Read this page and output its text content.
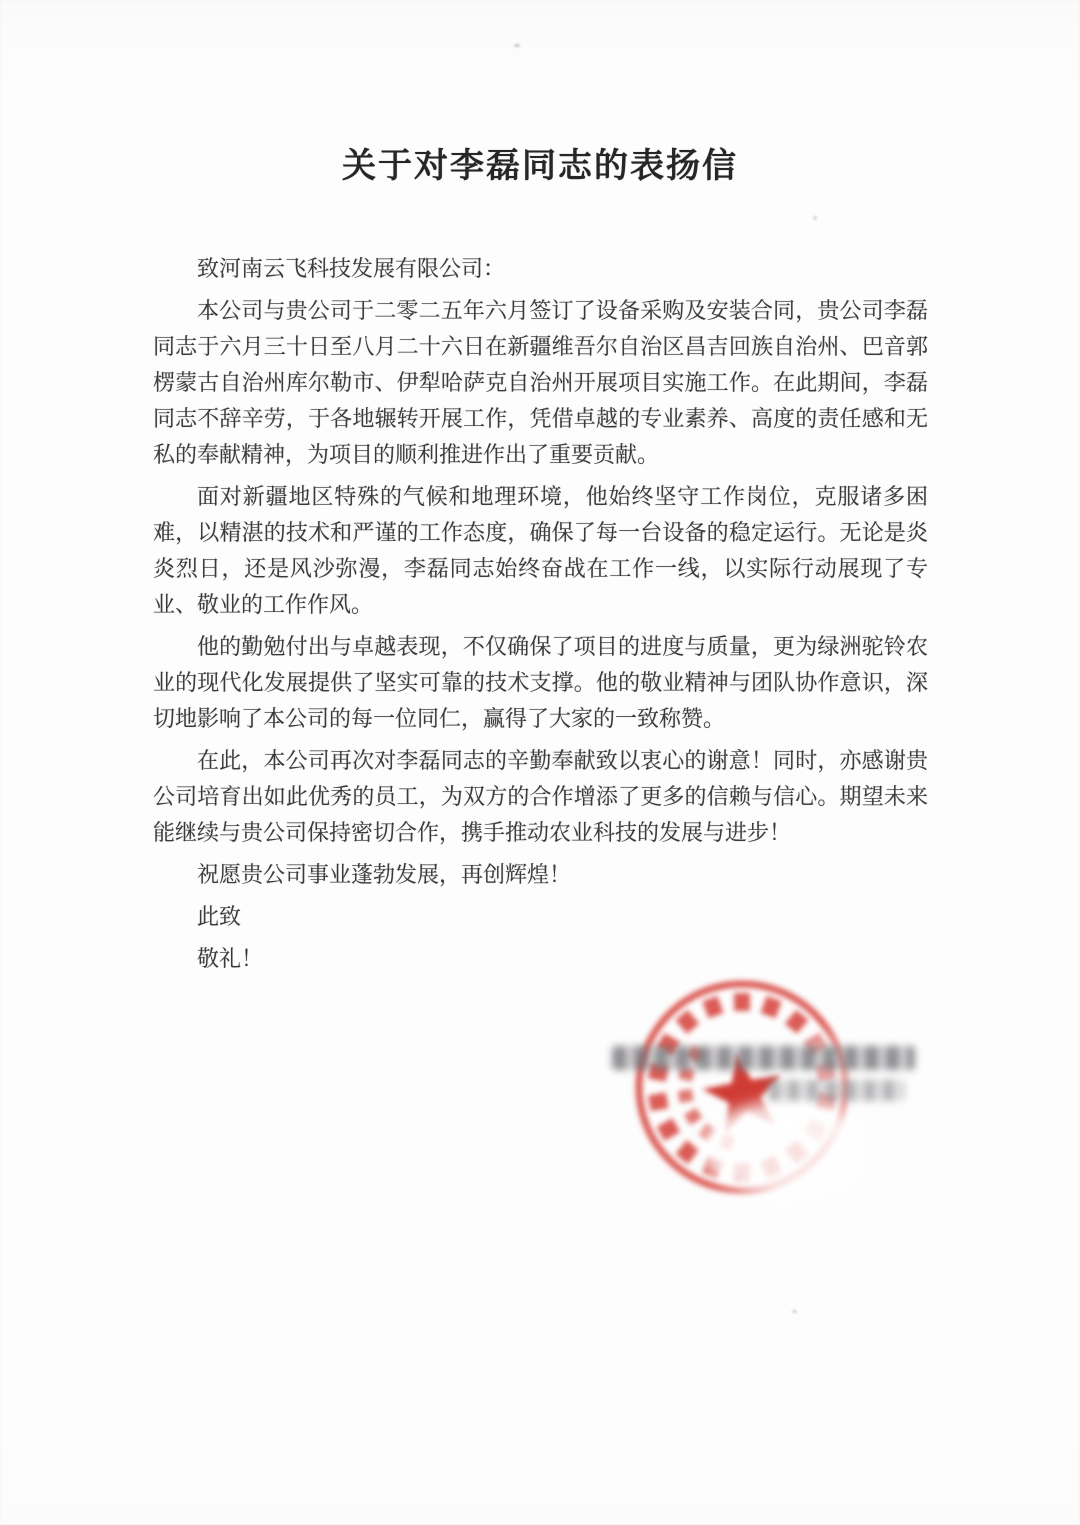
关于对李磊同志的表扬信

致河南云飞科技发展有限公司：

本公司与贵公司于二零二五年六月签订了设备采购及安装合同，贵公司李磊同志于六月三十日至八月二十六日在新疆维吾尔自治区昌吉回族自治州、巴音郭楞蒙古自治州库尔勒市、伊犁哈萨克自治州开展项目实施工作。在此期间，李磊同志不辞辛劳，于各地辗转开展工作，凭借卓越的专业素养、高度的责任感和无私的奉献精神，为项目的顺利推进作出了重要贡献。

面对新疆地区特殊的气候和地理环境，他始终坚守工作岗位，克服诸多困难，以精湛的技术和严谨的工作态度，确保了每一台设备的稳定运行。无论是炎炎烈日，还是风沙弥漫，李磊同志始终奋战在工作一线，以实际行动展现了专业、敬业的工作作风。

他的勤勉付出与卓越表现，不仅确保了项目的进度与质量，更为绿洲驼铃农业的现代化发展提供了坚实可靠的技术支撑。他的敬业精神与团队协作意识，深切地影响了本公司的每一位同仁，赢得了大家的一致称赞。

在此，本公司再次对李磊同志的辛勤奉献致以衷心的谢意！同时，亦感谢贵公司培育出如此优秀的员工，为双方的合作增添了更多的信赖与信心。期望未来能继续与贵公司保持密切合作，携手推动农业科技的发展与进步！

祝愿贵公司事业蓬勃发展，再创辉煌！

此致

敬礼！
